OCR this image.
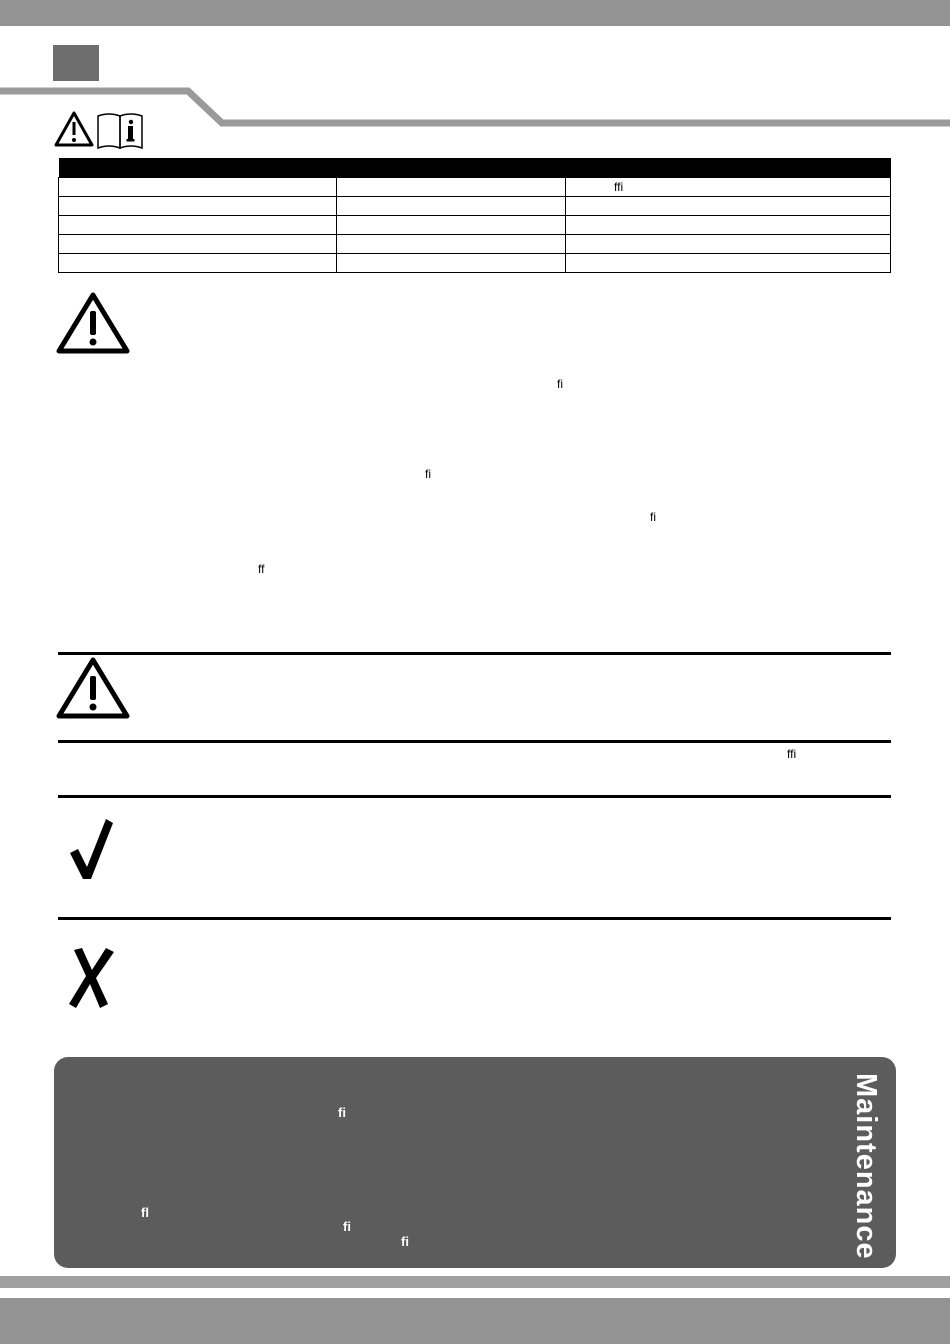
		ffi

fi
fi
fi
ff
ffi
Maintenance
fi
fl
fi
fi
